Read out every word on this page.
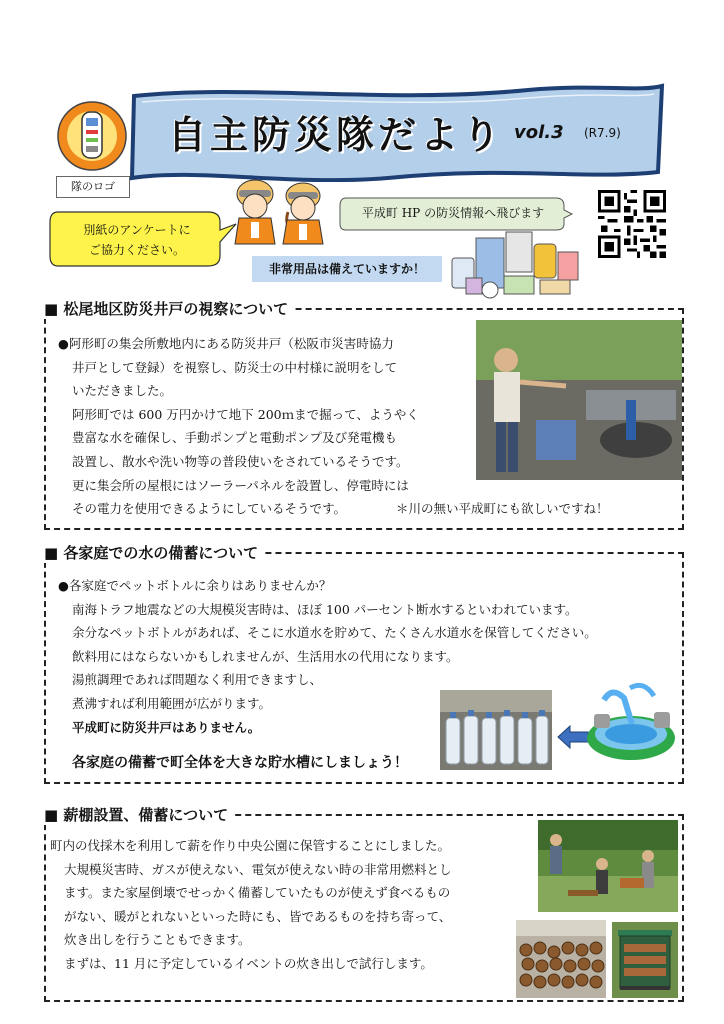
隊のロゴ
自主防災隊だより vol.3 (R7.9)
別紙のアンケートに
ご協力ください。
平成町 HP の防災情報へ飛びます
非常用品は備えていますか！
■ 松尾地区防災井戸の視察について

●阿形町の集会所敷地内にある防災井戸（松阪市災害時協力

井戸として登録）を視察し、防災士の中村様に説明をして

いただきました。

阿形町では 600 万円かけて地下 200ｍまで掘って、ようやく

豊富な水を確保し、手動ポンプと電動ポンプ及び発電機も

設置し、散水や洗い物等の普段使いをされているそうです。

更に集会所の屋根にはソーラーパネルを設置し、停電時には

その電力を使用できるようにしているそうです。	＊川の無い平成町にも欲しいですね！
■ 各家庭での水の備蓄について

●各家庭でペットボトルに余りはありませんか？

南海トラフ地震などの大規模災害時は、ほぼ 100 パーセント断水するといわれています。

余分なペットボトルがあれば、そこに水道水を貯めて、たくさん水道水を保管してください。

飲料用にはならないかもしれませんが、生活用水の代用になります。

湯煎調理であれば問題なく利用できますし、

煮沸すれば利用範囲が広がります。

平成町に防災井戸はありません。

各家庭の備蓄で町全体を大きな貯水槽にしましょう！
■ 薪棚設置、備蓄について

町内の伐採木を利用して薪を作り中央公園に保管することにしました。

大規模災害時、ガスが使えない、電気が使えない時の非常用燃料とし

ます。また家屋倒壊でせっかく備蓄していたものが使えず食べるもの

がない、暖がとれないといった時にも、皆であるものを持ち寄って、

炊き出しを行うこともできます。

まずは、11 月に予定しているイベントの炊き出しで試行します。
